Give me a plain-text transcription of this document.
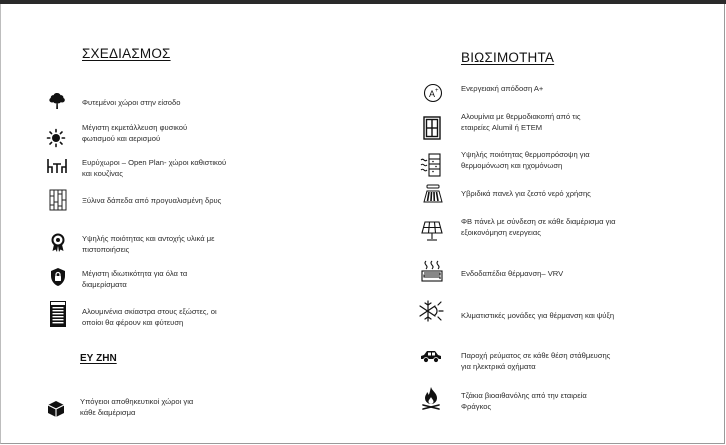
ΣΧΕΔΙΑΣΜΟΣ
Φυτεμένοι χώροι στην είσοδο
Μέγιστη εκμετάλλευση φυσικού
φωτισμού και αερισμού
Ευρύχωροι – Open Plan- χώροι καθιστικού
και κουζίνας
Ξύλινα δάπεδα από προγυαλισμένη δρυς
Υψηλής ποιότητας και αντοχής υλικά με
πιστοποιήσεις
Μέγιστη ιδιωτικότητα για όλα τα
διαμερίσματα
Αλουμινένια σκίαστρα στους εξώστες, οι
οποίοι θα φέρουν και φύτευση
ΕΥ ΖΗΝ
Υπόγειοι αποθηκευτικοί χώροι για
κάθε διαμέρισμα
ΒΙΩΣΙΜΟΤΗΤΑ
A +	Ενεργειακή απόδοση Α+
Αλουμίνια με θερμοδιακοπή από τις
εταιρείες Alumil ή ETEM
Υψηλής ποιότητας θερμοπρόσοψη για
θερμομόνωση και ηχομόνωση
Υβριδικά πανελ για ζεστό νερό χρήσης
ΦΒ πάνελ με σύνδεση σε κάθε διαμέρισμα για
εξοικονόμηση ενεργειας
Ενδοδαπέδια θέρμανση– VRV
Κλιματιστικές μονάδες για θέρμανση και ψύξη
Παροχή ρεύματος σε κάθε θέση στάθμευσης
για ηλεκτρικά οχήματα
Τζάκια βιοαιθανόλης από την εταιρεία
Φράγκος
